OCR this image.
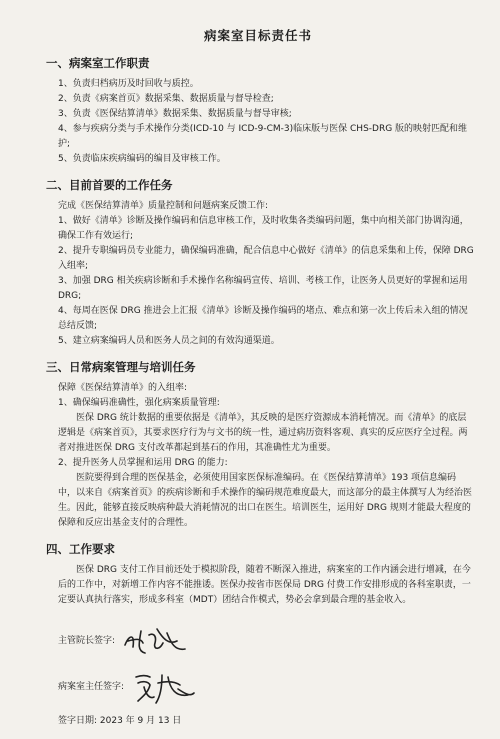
病案室目标责任书
一、病案室工作职责

1、负责归档病历及时回收与质控。

2、负责《病案首页》数据采集、数据质量与督导检查;

3、负责《医保结算清单》数据采集、数据质量与督导审核;

4、参与疾病分类与手术操作分类(ICD-10 与 ICD-9-CM-3)临床版与医保 CHS-DRG 版的映射匹配和维护;

5、负责临床疾病编码的编目及审核工作。

二、目前首要的工作任务

完成《医保结算清单》质量控制和问题病案反馈工作:

1、做好《清单》诊断及操作编码和信息审核工作，及时收集各类编码问题，集中向相关部门协调沟通，确保工作有效运行;

2、提升专职编码员专业能力，确保编码准确，配合信息中心做好《清单》的信息采集和上传，保障 DRG 入组率;

3、加强 DRG 相关疾病诊断和手术操作名称编码宣传、培训、考核工作，让医务人员更好的掌握和运用 DRG;

4、每周在医保 DRG 推进会上汇报《清单》诊断及操作编码的堵点、难点和第一次上传后未入组的情况总结反馈;

5、建立病案编码人员和医务人员之间的有效沟通渠道。

三、日常病案管理与培训任务

保障《医保结算清单》的入组率:

1、确保编码准确性，强化病案质量管理:

医保 DRG 统计数据的重要依据是《清单》，其反映的是医疗资源成本消耗情况。而《清单》的底层逻辑是《病案首页》，其要求医疗行为与文书的统一性，通过病历资料客观、真实的反应医疗全过程。两者对推进医保 DRG 支付改革都起到基石的作用，其准确性尤为重要。

2、提升医务人员掌握和运用 DRG 的能力:

医院要得到合理的医保基金，必须使用国家医保标准编码。在《医保结算清单》193 项信息编码中，以来自《病案首页》的疾病诊断和手术操作的编码规范难度最大，而这部分的最主体撰写人为经治医生。因此，能够直接反映病种最大消耗情况的出口在医生。培训医生，运用好 DRG 规则才能最大程度的保障和反应出基金支付的合理性。

四、工作要求

医保 DRG 支付工作目前还处于模拟阶段，随着不断深入推进，病案室的工作内涵会进行增减，在今后的工作中，对新增工作内容不能推诿。医保办按省市医保局 DRG 付费工作安排形成的各科室职责，一定要认真执行落实，形成多科室（MDT）团结合作模式，势必会拿到最合理的基金收入。

主管院长签字:
病案室主任签字:
签字日期: 2023 年 9 月 13 日
